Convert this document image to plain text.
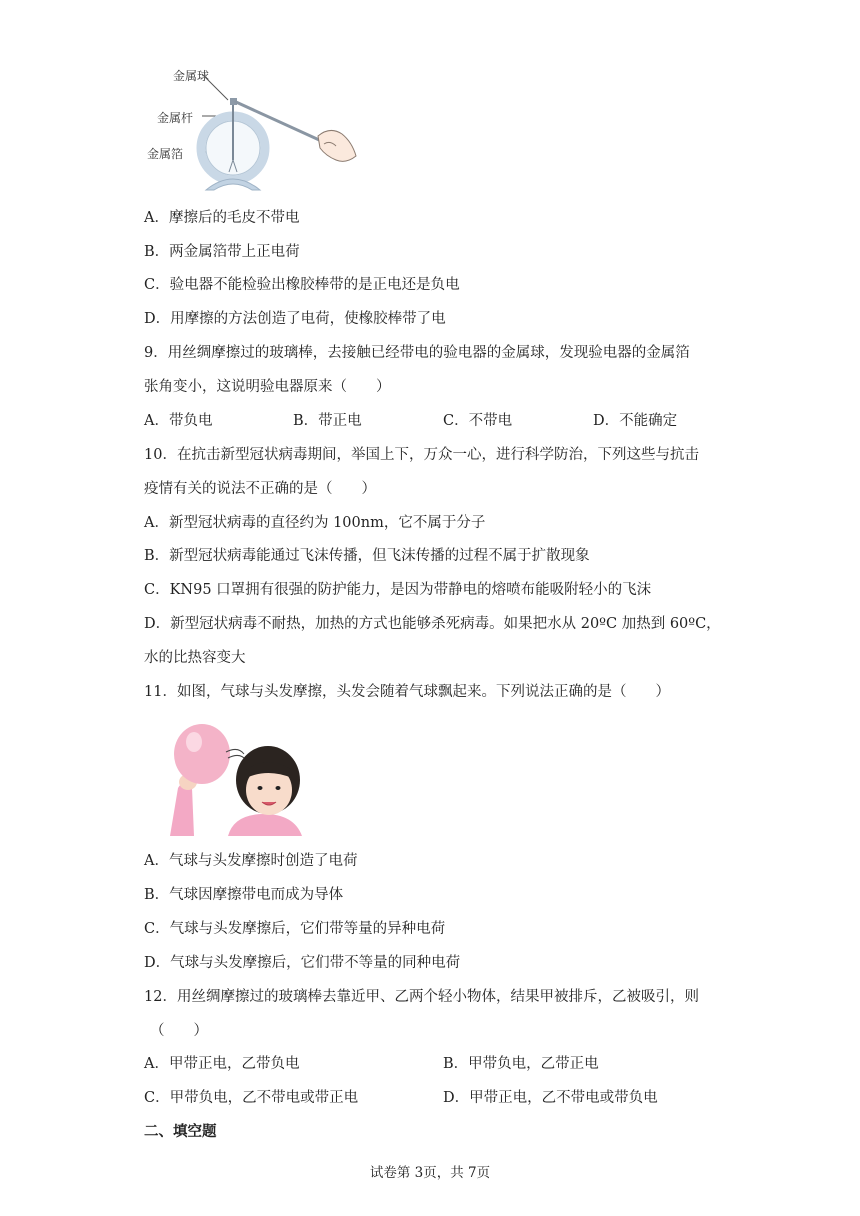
金属球
金属杆
金属箔
A．摩擦后的毛皮不带电
B．两金属箔带上正电荷
C．验电器不能检验出橡胶棒带的是正电还是负电
D．用摩擦的方法创造了电荷，使橡胶棒带了电
9．用丝绸摩擦过的玻璃棒，去接触已经带电的验电器的金属球，发现验电器的金属箔
张角变小，这说明验电器原来（　　）
A．带负电	B．带正电	C．不带电	D．不能确定
10．在抗击新型冠状病毒期间，举国上下，万众一心，进行科学防治，下列这些与抗击
疫情有关的说法不正确的是（　　）
A．新型冠状病毒的直径约为 100nm，它不属于分子
B．新型冠状病毒能通过飞沫传播，但飞沫传播的过程不属于扩散现象
C．KN95 口罩拥有很强的防护能力，是因为带静电的熔喷布能吸附轻小的飞沫
D．新型冠状病毒不耐热，加热的方式也能够杀死病毒。如果把水从 20ºC 加热到 60ºC，
水的比热容变大
11．如图，气球与头发摩擦，头发会随着气球飘起来。下列说法正确的是（　　）
A．气球与头发摩擦时创造了电荷
B．气球因摩擦带电而成为导体
C．气球与头发摩擦后，它们带等量的异种电荷
D．气球与头发摩擦后，它们带不等量的同种电荷
12．用丝绸摩擦过的玻璃棒去靠近甲、乙两个轻小物体，结果甲被排斥，乙被吸引，则
（　　）
A．甲带正电，乙带负电	B．甲带负电，乙带正电
C．甲带负电，乙不带电或带正电	D．甲带正电，乙不带电或带负电
二、填空题
试卷第 3页，共 7页
